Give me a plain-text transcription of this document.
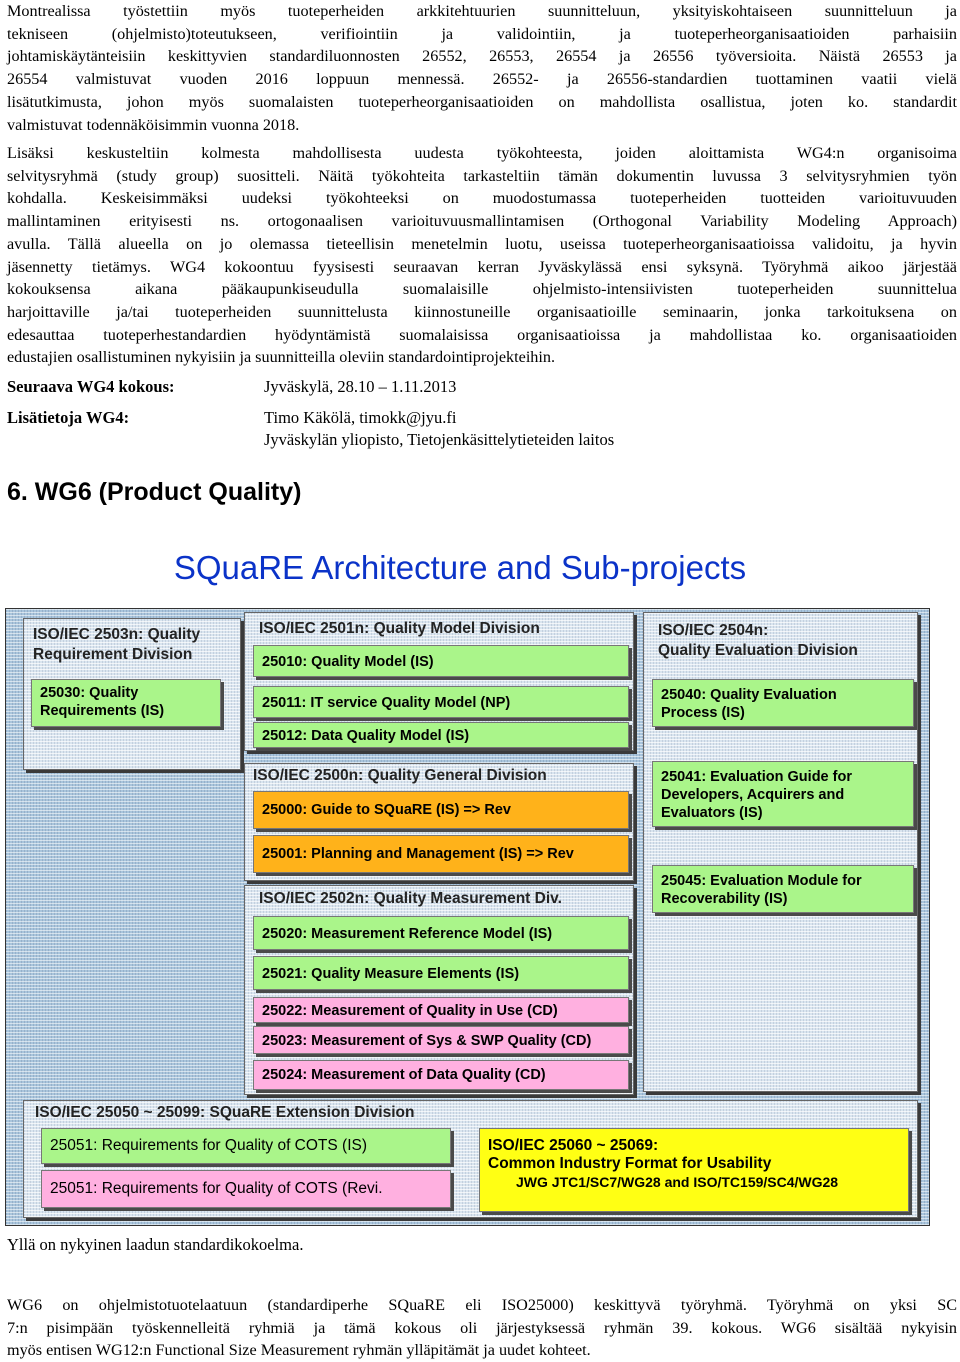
Montrealissa työstettiin myös tuoteperheiden arkkitehtuurien suunnitteluun, yksityiskohtaiseen suunnitteluun ja
tekniseen (ohjelmisto)toteutukseen, verifiointiin ja validointiin, ja tuoteperheorganisaatioiden parhaisiin
johtamiskäytänteisiin keskittyvien standardiluonnosten 26552, 26553, 26554 ja 26556 työversioita. Näistä 26553 ja
26554 valmistuvat vuoden 2016 loppuun mennessä. 26552- ja 26556-standardien tuottaminen vaatii vielä
lisätutkimusta, johon myös suomalaisten tuoteperheorganisaatioiden on mahdollista osallistua, joten ko. standardit
valmistuvat todennäköisimmin vuonna 2018.

Lisäksi keskusteltiin kolmesta mahdollisesta uudesta työkohteesta, joiden aloittamista WG4:n organisoima
selvitysryhmä (study group) suositteli. Näitä työkohteita tarkasteltiin tämän dokumentin luvussa 3 selvitysryhmien työn
kohdalla. Keskeisimmäksi uudeksi työkohteeksi on muodostumassa tuoteperheiden tuotteiden varioituvuuden
mallintaminen erityisesti ns. ortogonaalisen varioituvuusmallintamisen (Orthogonal Variability Modeling Approach)
avulla. Tällä alueella on jo olemassa tieteellisin menetelmin luotu, useissa tuoteperheorganisaatioissa validoitu, ja hyvin
jäsennetty tietämys. WG4 kokoontuu fyysisesti seuraavan kerran Jyväskylässä ensi syksynä. Työryhmä aikoo järjestää
kokouksensa aikana pääkaupunkiseudulla suomalaisille ohjelmisto-intensiivisten tuoteperheiden suunnittelua
harjoittaville ja/tai tuoteperheiden suunnittelusta kiinnostuneille organisaatioille seminaarin, jonka tarkoituksena on
edesauttaa tuoteperhestandardien hyödyntämistä suomalaisissa organisaatioissa ja mahdollistaa ko. organisaatioiden
edustajien osallistuminen nykyisiin ja suunnitteilla oleviin standardointiprojekteihin.

Seuraava WG4 kokous:	Jyväskylä, 28.10 – 1.11.2013
Lisätietoja WG4:	Timo Käkölä, timokk@jyu.fi
Jyväskylän yliopisto, Tietojenkäsittelytieteiden laitos
6. WG6 (Product Quality)
SQuaRE Architecture and Sub-projects
ISO/IEC 2503n: Quality
Requirement Division
25030: Quality
Requirements (IS)
ISO/IEC 2501n: Quality Model Division
25010: Quality Model (IS)
25011: IT service Quality Model (NP)
25012: Data Quality Model (IS)
ISO/IEC 2504n:
Quality Evaluation Division
25040: Quality Evaluation
Process (IS)
25041: Evaluation Guide for
Developers, Acquirers and
Evaluators (IS)
25045: Evaluation Module for
Recoverability (IS)
ISO/IEC 2500n: Quality General Division
25000: Guide to SQuaRE (IS) => Rev
25001: Planning and Management (IS) => Rev
ISO/IEC 2502n: Quality Measurement Div.
25020: Measurement Reference Model (IS)
25021: Quality Measure Elements (IS)
25022: Measurement of Quality in Use (CD)
25023: Measurement of Sys & SWP Quality (CD)
25024: Measurement of Data Quality (CD)
ISO/IEC 25050 ~ 25099: SQuaRE Extension Division
25051: Requirements for Quality of COTS (IS)
25051: Requirements for Quality of COTS (Revi.
ISO/IEC 25060 ~ 25069:
Common Industry Format for Usability
JWG JTC1/SC7/WG28 and ISO/TC159/SC4/WG28
Yllä on nykyinen laadun standardikokoelma.

WG6 on ohjelmistotuotelaatuun (standardiperhe SQuaRE eli ISO25000) keskittyvä työryhmä. Työryhmä on yksi SC
7:n pisimpään työskennelleitä ryhmiä ja tämä kokous oli järjestyksessä ryhmän 39. kokous. WG6 sisältää nykyisin
myös entisen WG12:n Functional Size Measurement ryhmän ylläpitämät ja uudet kohteet.
